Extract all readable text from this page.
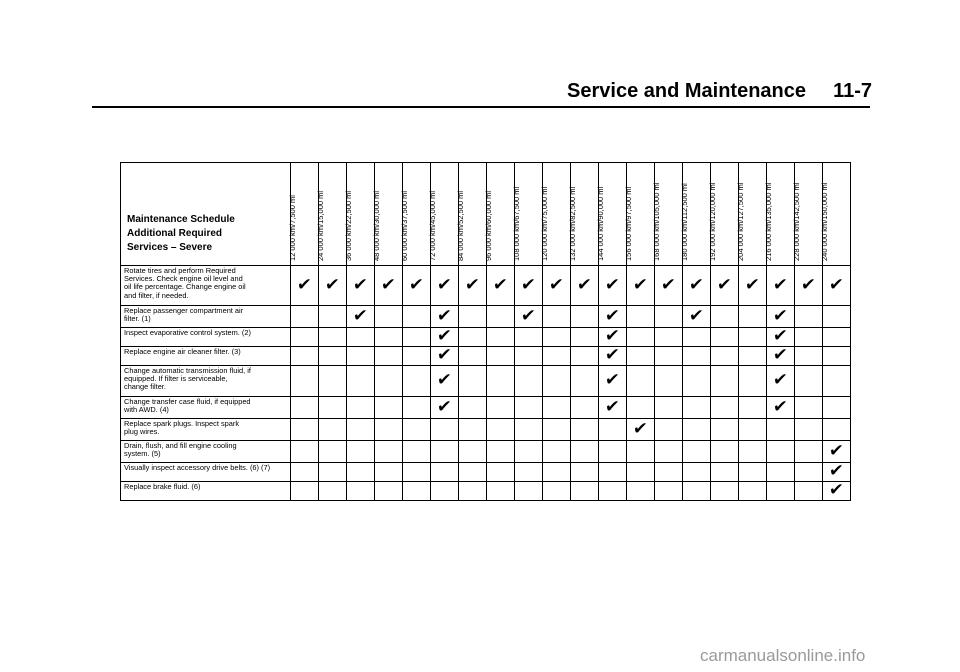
Service and Maintenance	11-7
Maintenance Schedule
Additional Required
Services – Severe	12 000 km/7,500 mi	24 000 km/15,000 mi	36 000 km/22,500 mi	48 000 km/30,000 mi	60 000 km/37,500 mi	72 000 km/45,000 mi	84 000 km/52,500 mi	96 000 km/60,000 mi	108 000 km/67,500 mi	120 000 km/75,000 mi	132 000 km/82,500 mi	144 000 km/90,000 mi	156 000 km/97,500 mi	168 000 km/105,000 mi	180 000 km/112,500 mi	192 000 km/120,000 mi	204 000 km/127,500 mi	216 000 km/135,000 mi	228 000 km/142,500 mi	240 000 km/150,000 mi

Rotate tires and perform Required
Services. Check engine oil level and
oil life percentage. Change engine oil
and filter, if needed.	✔	✔	✔	✔	✔	✔	✔	✔	✔	✔	✔	✔	✔	✔	✔	✔	✔	✔	✔	✔
Replace passenger compartment air
filter. (1)			✔			✔			✔			✔			✔			✔		
Inspect evaporative control system. (2)						✔						✔						✔		
Replace engine air cleaner filter. (3)						✔						✔						✔		
Change automatic transmission fluid, if
equipped. If filter is serviceable,
change filter.						✔						✔						✔		
Change transfer case fluid, if equipped
with AWD. (4)						✔						✔						✔		
Replace spark plugs. Inspect spark
plug wires.													✔							
Drain, flush, and fill engine cooling
system. (5)																				✔
Visually inspect accessory drive belts. (6) (7)																				✔
Replace brake fluid. (6)																				✔
carmanualsonline.info
